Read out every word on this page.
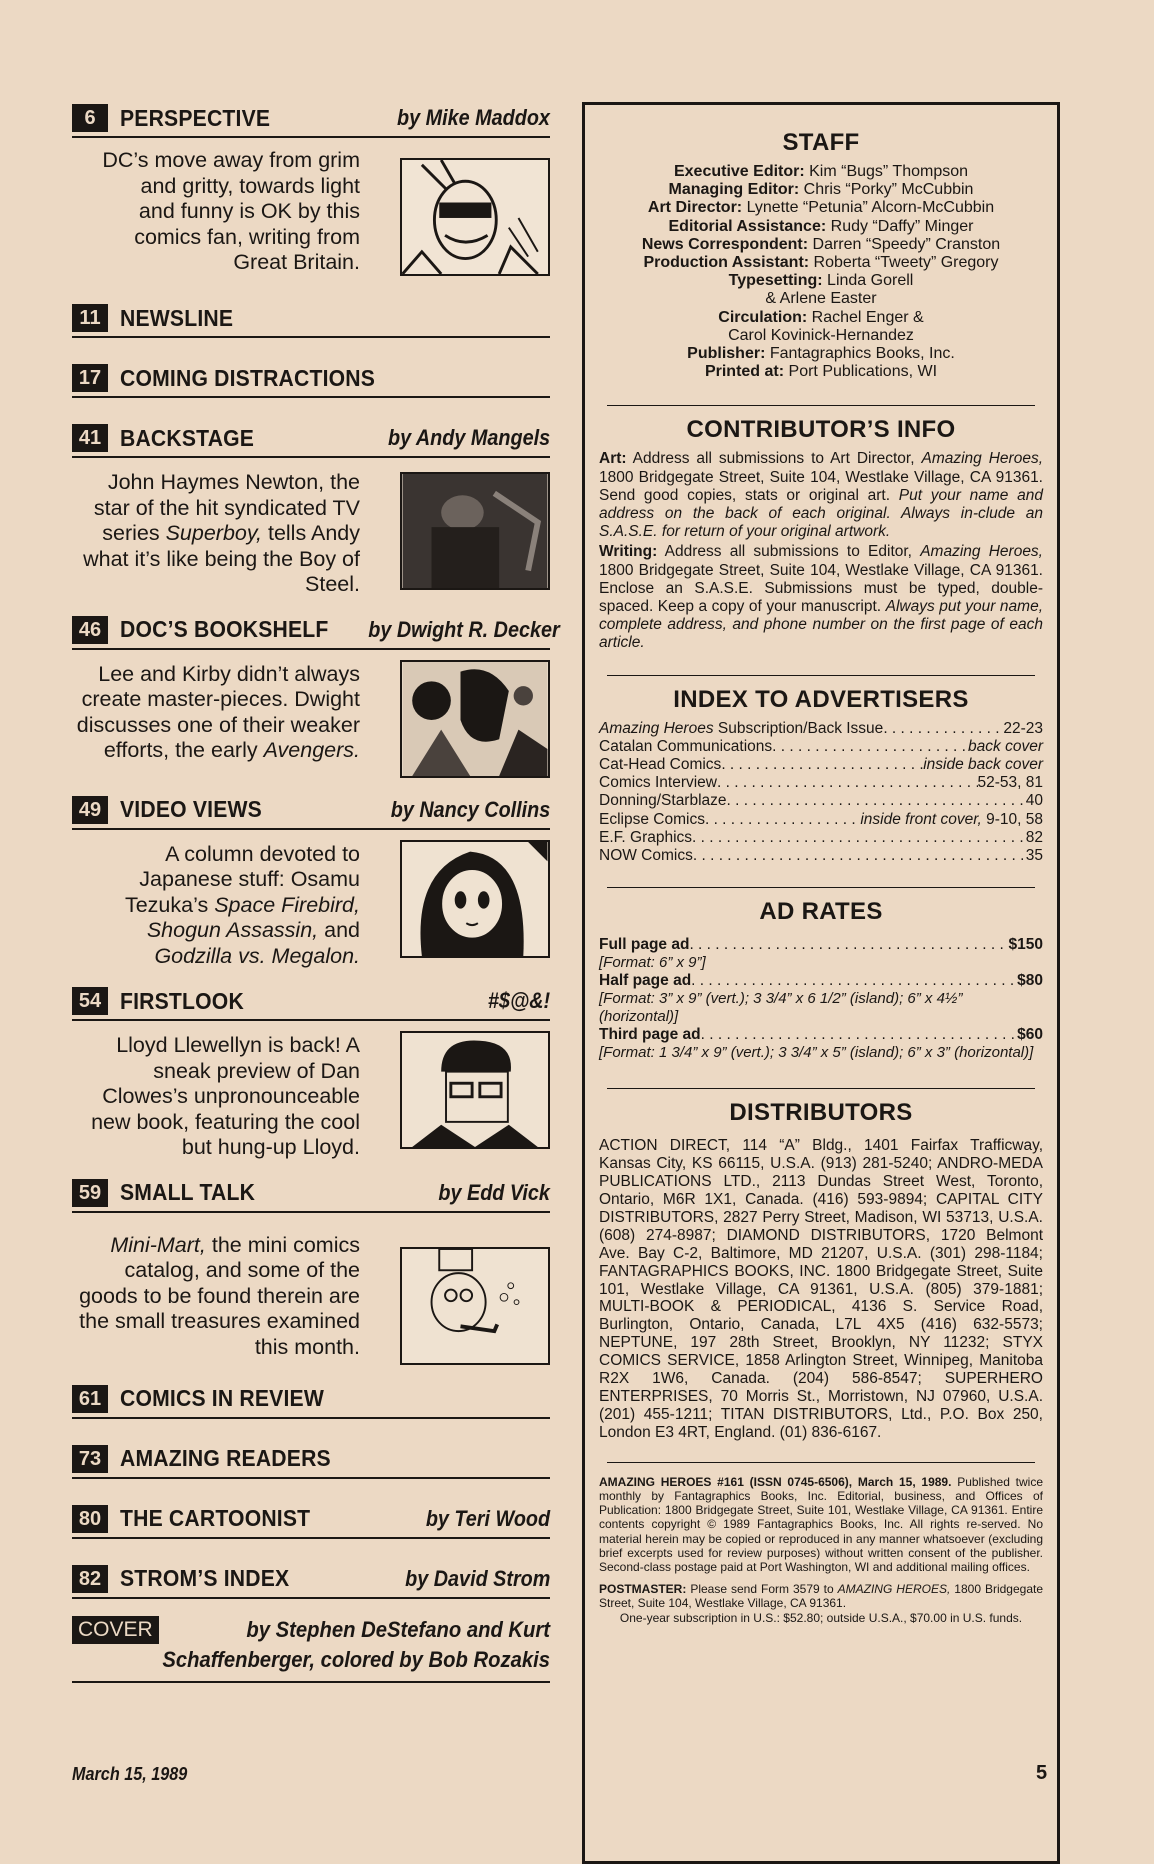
6	PERSPECTIVE	by Mike Maddox
DC’s move away from grim
and gritty, towards light
and funny is OK by this
comics fan, writing from
Great Britain.
11 NEWSLINE
17 COMING DISTRACTIONS
41 BACKSTAGE	by Andy Mangels
John Haymes Newton, the star of the hit syndicated TV series Superboy, tells Andy what it’s like being the Boy of Steel.
46 DOC’S BOOKSHELF by Dwight R. Decker
Lee and Kirby didn’t always create master-pieces. Dwight discusses one of their weaker efforts, the early Avengers.
49 VIDEO VIEWS	by Nancy Collins
A column devoted to Japanese stuff: Osamu Tezuka’s Space Firebird,
Shogun Assassin, and
Godzilla vs. Megalon.
54 FIRSTLOOK	#$@&!
Lloyd Llewellyn is back! A sneak preview of Dan Clowes’s unpronounceable new book, featuring the cool but hung-up Lloyd.
59 SMALL TALK	by Edd Vick
Mini-Mart, the mini comics catalog, and some of the goods to be found therein are the small treasures examined this month.
61 COMICS IN REVIEW
73 AMAZING READERS
80 THE CARTOONIST	by Teri Wood
82 STROM’S INDEX	by David Strom
COVER	by Stephen DeStefano and Kurt
Schaffenberger, colored by Bob Rozakis
March 15, 1989	5
STAFF
Executive Editor: Kim “Bugs” Thompson
Managing Editor: Chris “Porky” McCubbin
Art Director: Lynette “Petunia” Alcorn-McCubbin
Editorial Assistance: Rudy “Daffy” Minger
News Correspondent: Darren “Speedy” Cranston
Production Assistant: Roberta “Tweety” Gregory
Typesetting: Linda Gorell
& Arlene Easter
Circulation: Rachel Enger &
Carol Kovinick-Hernandez
Publisher: Fantagraphics Books, Inc.
Printed at: Port Publications, WI
CONTRIBUTOR’S INFO
Art: Address all submissions to Art Director, Amazing Heroes, 1800 Bridgegate Street, Suite 104, Westlake Village, CA 91361. Send good copies, stats or original art. Put your name and address on the back of each original. Always in-clude an S.A.S.E. for return of your original artwork.
Writing: Address all submissions to Editor, Amazing Heroes, 1800 Bridgegate Street, Suite 104, Westlake Village, CA 91361. Enclose an S.A.S.E. Submissions must be typed, double-spaced. Keep a copy of your manuscript. Always put your name, complete address, and phone number on the first page of each article.
INDEX TO ADVERTISERS
Amazing Heroes Subscription/Back Issue . . .	22-23
Catalan Communications . . .	back cover
Cat-Head Comics . . .	inside back cover
Comics Interview . . .	52-53, 81
Donning/Starblaze . . .	40
Eclipse Comics . . .	inside front cover, 9-10, 58
E.F. Graphics . . .	82
NOW Comics . . .	35
AD RATES
Full page ad . . .	$150
[Format: 6” x 9”]
Half page ad . . .	$80
[Format: 3” x 9” (vert.); 3 3/4” x 6 1/2” (island); 6” x 4½” (horizontal)]
Third page ad . . .	$60
[Format: 1 3/4” x 9” (vert.); 3 3/4” x 5” (island); 6” x 3” (horizontal)]
DISTRIBUTORS
ACTION DIRECT, 114 “A” Bldg., 1401 Fairfax Trafficway, Kansas City, KS 66115, U.S.A. (913) 281-5240; ANDRO-MEDA PUBLICATIONS LTD., 2113 Dundas Street West, Toronto, Ontario, M6R 1X1, Canada. (416) 593-9894; CAPITAL CITY DISTRIBUTORS, 2827 Perry Street, Madison, WI 53713, U.S.A. (608) 274-8987; DIAMOND DISTRIBUTORS, 1720 Belmont Ave. Bay C-2, Baltimore, MD 21207, U.S.A. (301) 298-1184; FANTAGRAPHICS BOOKS, INC. 1800 Bridgegate Street, Suite 101, Westlake Village, CA 91361, U.S.A. (805) 379-1881; MULTI-BOOK & PERIODICAL, 4136 S. Service Road, Burlington, Ontario, Canada, L7L 4X5 (416) 632-5573; NEPTUNE, 197 28th Street, Brooklyn, NY 11232; STYX COMICS SERVICE, 1858 Arlington Street, Winnipeg, Manitoba R2X 1W6, Canada. (204) 586-8547; SUPERHERO ENTERPRISES, 70 Morris St., Morristown, NJ 07960, U.S.A. (201) 455-1211; TITAN DISTRIBUTORS, Ltd., P.O. Box 250, London E3 4RT, England. (01) 836-6167.
AMAZING HEROES #161 (ISSN 0745-6506), March 15, 1989. Published twice monthly by Fantagraphics Books, Inc. Editorial, business, and Offices of Publication: 1800 Bridgegate Street, Suite 101, Westlake Village, CA 91361. Entire contents copyright © 1989 Fantagraphics Books, Inc. All rights re-served. No material herein may be copied or reproduced in any manner whatsoever (excluding brief excerpts used for review purposes) without written consent of the publisher. Second-class postage paid at Port Washington, WI and additional mailing offices.
POSTMASTER: Please send Form 3579 to AMAZING HEROES, 1800 Bridgegate Street, Suite 104, Westlake Village, CA 91361.
One-year subscription in U.S.: $52.80; outside U.S.A., $70.00 in U.S. funds.
